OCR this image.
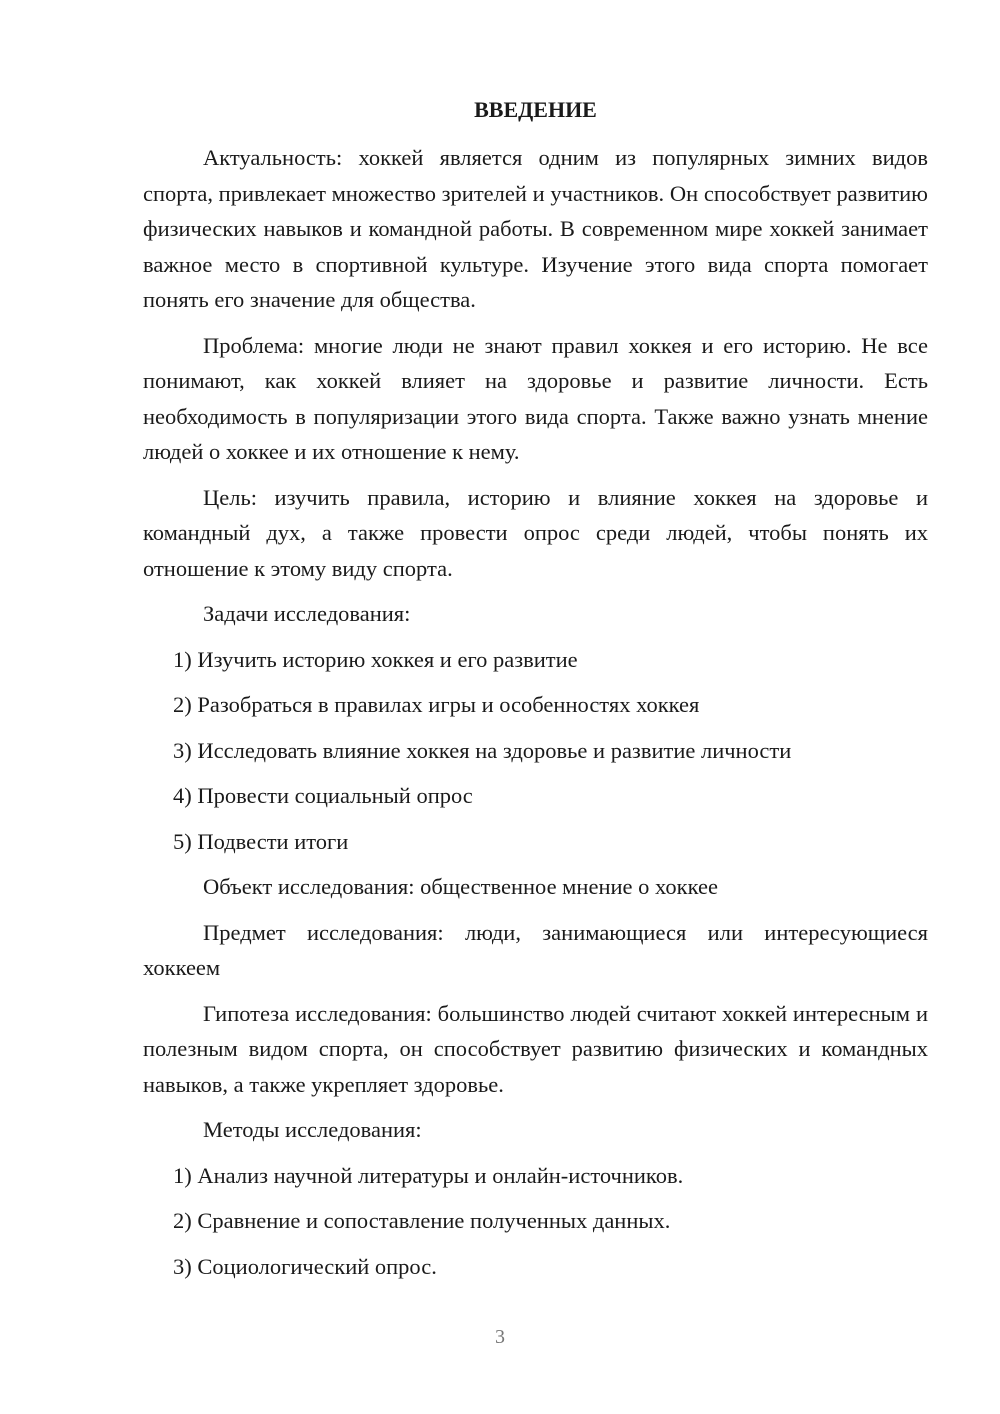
ВВЕДЕНИЕ

Актуальность: хоккей является одним из популярных зимних видов спорта, привлекает множество зрителей и участников. Он способствует развитию физических навыков и командной работы. В современном мире хоккей занимает важное место в спортивной культуре. Изучение этого вида спорта помогает понять его значение для общества.

Проблема: многие люди не знают правил хоккея и его историю. Не все понимают, как хоккей влияет на здоровье и развитие личности. Есть необходимость в популяризации этого вида спорта. Также важно узнать мнение людей о хоккее и их отношение к нему.

Цель: изучить правила, историю и влияние хоккея на здоровье и командный дух, а также провести опрос среди людей, чтобы понять их отношение к этому виду спорта.

Задачи исследования:
1) Изучить историю хоккея и его развитие
2) Разобраться в правилах игры и особенностях хоккея
3) Исследовать влияние хоккея на здоровье и развитие личности
4) Провести социальный опрос
5) Подвести итоги
Объект исследования: общественное мнение о хоккее

Предмет исследования: люди, занимающиеся или интересующиеся хоккеем

Гипотеза исследования: большинство людей считают хоккей интересным и полезным видом спорта, он способствует развитию физических и командных навыков, а также укрепляет здоровье.

Методы исследования:
1) Анализ научной литературы и онлайн-источников.
2) Сравнение и сопоставление полученных данных.
3) Социологический опрос.
3
